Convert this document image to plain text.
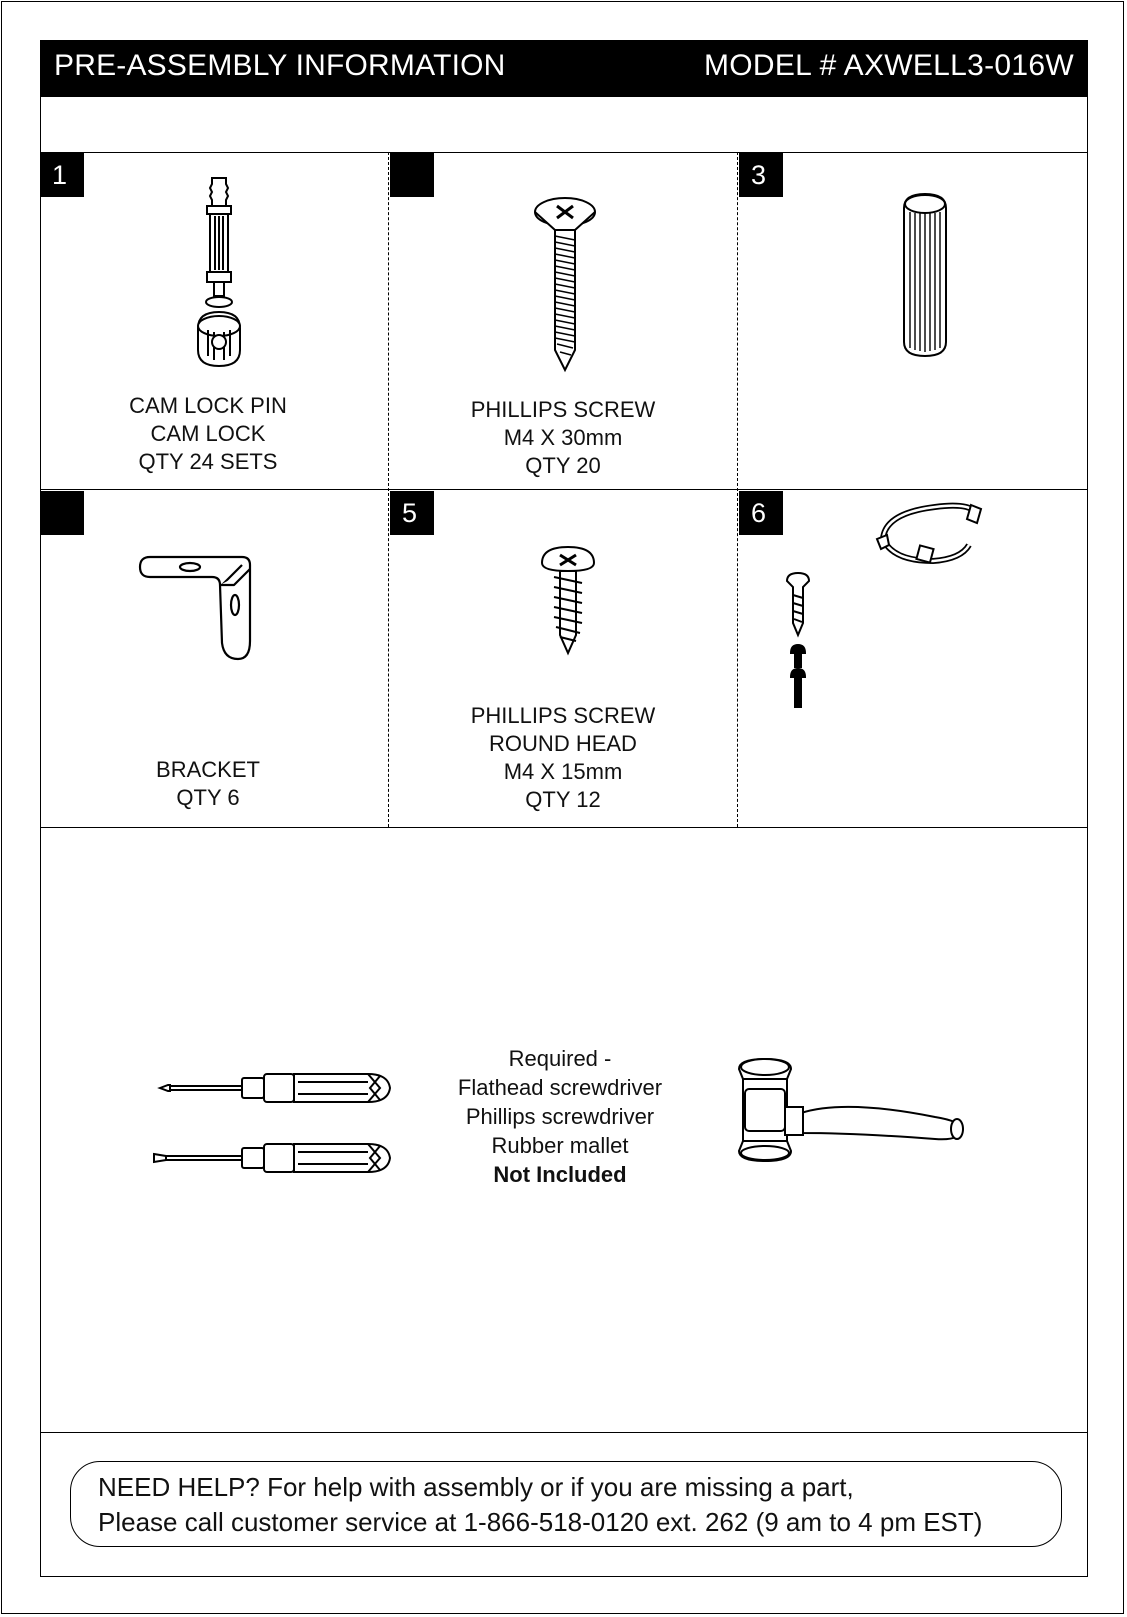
PRE-ASSEMBLY INFORMATION	MODEL # AXWELL3-016W
1
CAM LOCK PIN
CAM LOCK
QTY 24 SETS
PHILLIPS SCREW
M4 X 30mm
QTY 20
3
BRACKET
QTY 6
5
PHILLIPS SCREW
ROUND HEAD
M4 X 15mm
QTY 12
6
Required -
Flathead screwdriver
Phillips screwdriver
Rubber mallet
Not Included
NEED HELP? For help with assembly or if you are missing a part,
Please call customer service at 1-866-518-0120 ext. 262 (9 am to 4 pm EST)
